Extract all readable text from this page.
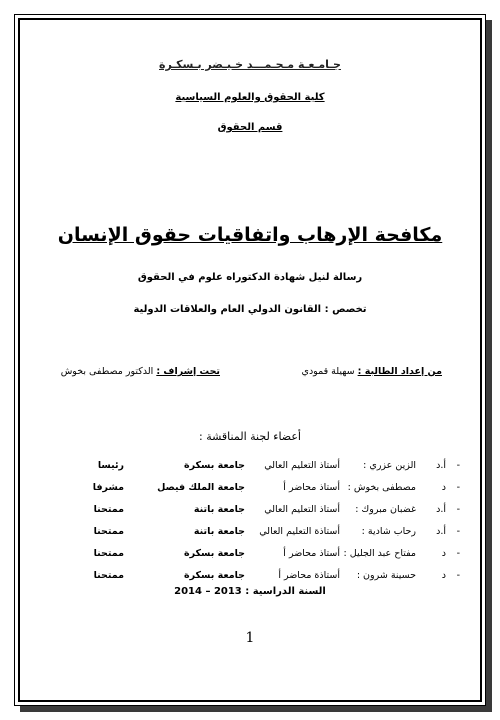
جـامـعـة مـحـمـــد خـيـضر بـسكـرة
كلية الحقوق والعلوم السياسية
قسم الحقوق
مكافحة الإرهاب واتفاقيات حقوق الإنسان
رسالة لنيل شهادة الدكتوراه علوم في الحقوق
تخصص : القانون الدولي العام والعلاقات الدولية
من إعداد الطالبة : سهيلة قمودي
تحت إشراف : الدكتور مصطفى بخوش
أعضاء لجنة المناقشة :
-
أ.د
الزين عزري :
أستاذ التعليم العالي
جامعة بسكرة
رئيسا
-
د
مصطفى بخوش :
أستاذ محاضر أ
جامعة الملك فيصل
مشرفا
-
أ.د
غضبان مبروك :
أستاذ التعليم العالي
جامعة باتنة
ممتحنا
-
أ.د
رحاب شادية :
أستاذة التعليم العالي
جامعة باتنة
ممتحنا
-
د
مفتاح عبد الجليل :
أستاذ محاضر أ
جامعة بسكرة
ممتحنا
-
د
حسينة شرون :
أستاذة محاضر أ
جامعة بسكرة
ممتحنا
السنة الدراسية : 2013 – 2014
1
